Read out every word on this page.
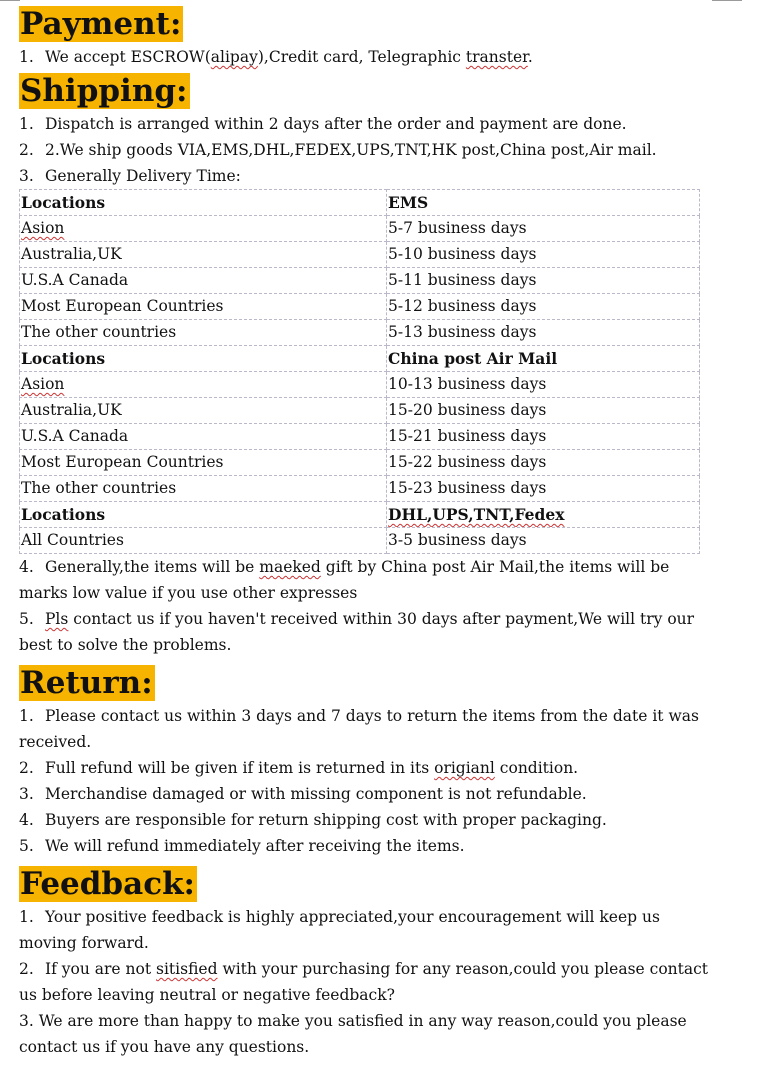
Payment:

1. We accept ESCROW(alipay),Credit card, Telegraphic transter.

Shipping:

1. Dispatch is arranged within 2 days after the order and payment are done.

2. 2.We ship goods VIA,EMS,DHL,FEDEX,UPS,TNT,HK post,China post,Air mail.

3. Generally Delivery Time:

Locations	EMS
Asion	5-7 business days
Australia,UK	5-10 business days
U.S.A Canada	5-11 business days
Most European Countries	5-12 business days
The other countries	5-13 business days
Locations	China post Air Mail
Asion	10-13 business days
Australia,UK	15-20 business days
U.S.A Canada	15-21 business days
Most European Countries	15-22 business days
The other countries	15-23 business days
Locations	DHL,UPS,TNT,Fedex
All Countries	3-5 business days

4. Generally,the items will be maeked gift by China post Air Mail,the items will be marks low value if you use other expresses

5. Pls contact us if you haven't received within 30 days after payment,We will try our best to solve the problems.

Return:

1. Please contact us within 3 days and 7 days to return the items from the date it was received.

2. Full refund will be given if item is returned in its origianl condition.

3. Merchandise damaged or with missing component is not refundable.

4. Buyers are responsible for return shipping cost with proper packaging.

5. We will refund immediately after receiving the items.

Feedback:

1. Your positive feedback is highly appreciated,your encouragement will keep us moving forward.

2. If you are not sitisfied with your purchasing for any reason,could you please contact us before leaving neutral or negative feedback?

3. We are more than happy to make you satisfied in any way reason,could you please contact us if you have any questions.
